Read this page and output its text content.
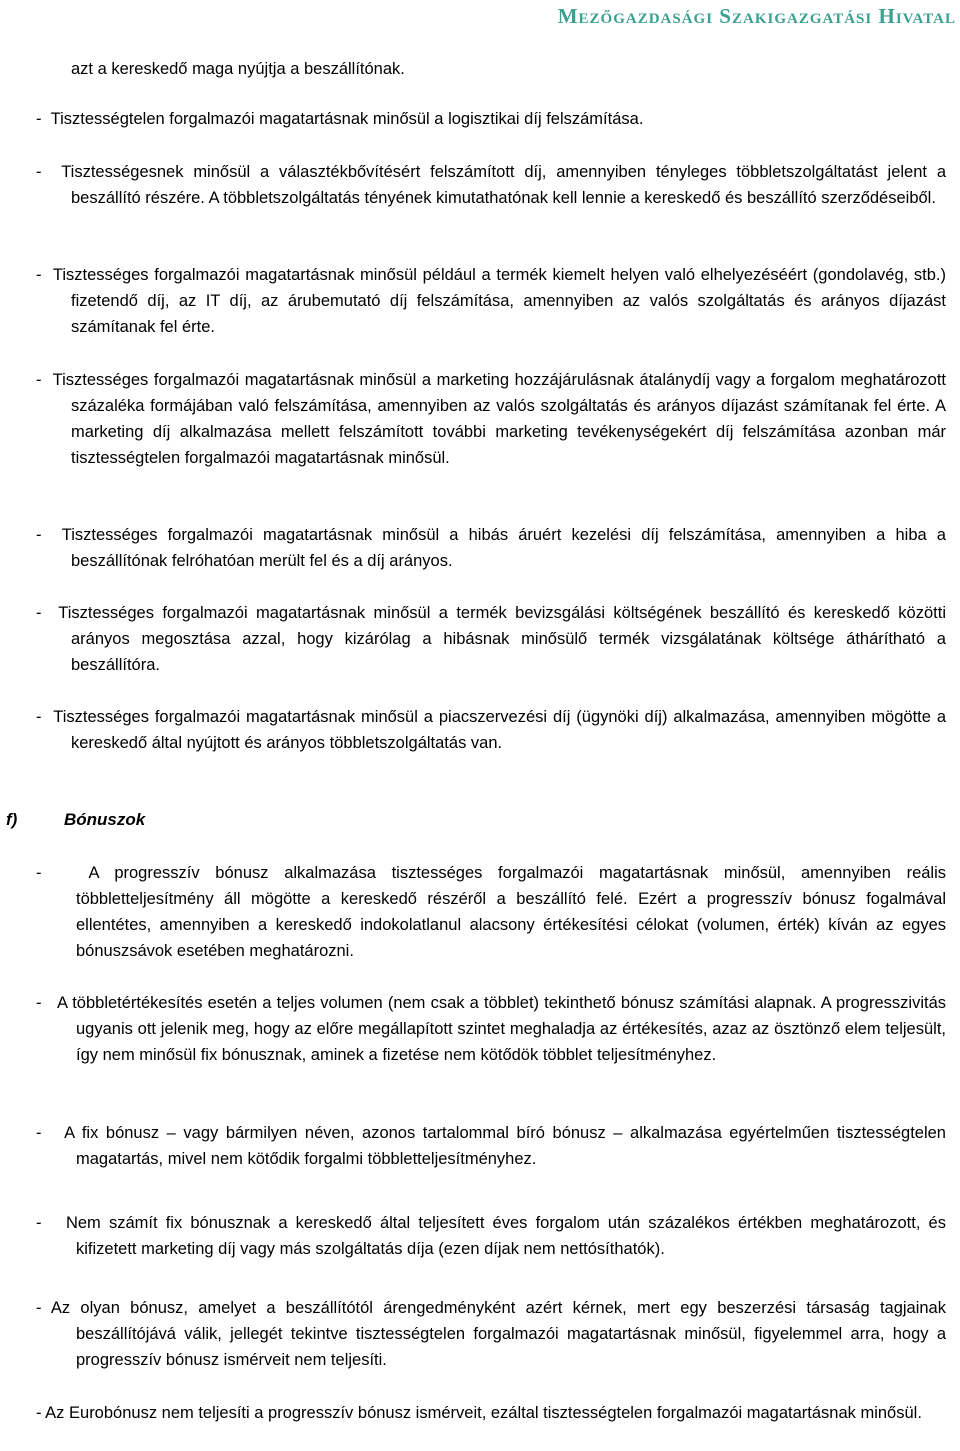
Mezőgazdasági Szakigazgatási Hivatal
azt a kereskedő maga nyújtja a beszállítónak.
-  Tisztességtelen forgalmazói magatartásnak minősül a logisztikai díj felszámítása.
-  Tisztességesnek minősül a választékbővítésért felszámított díj, amennyiben tényleges többletszolgáltatást jelent a beszállító részére. A többletszolgáltatás tényének kimutathatónak kell lennie a kereskedő és beszállító szerződéseiből.
-  Tisztességes forgalmazói magatartásnak minősül például a termék kiemelt helyen való elhelyezéséért (gondolavég, stb.) fizetendő díj, az IT díj, az árubemutató díj felszámítása, amennyiben az valós szolgáltatás és arányos díjazást számítanak fel érte.
-  Tisztességes forgalmazói magatartásnak minősül a marketing hozzájárulásnak átalánydíj vagy a forgalom meghatározott százaléka formájában való felszámítása, amennyiben az valós szolgáltatás és arányos díjazást számítanak fel érte. A marketing díj alkalmazása mellett felszámított további marketing tevékenységekért díj felszámítása azonban már tisztességtelen forgalmazói magatartásnak minősül.
-  Tisztességes forgalmazói magatartásnak minősül a hibás áruért kezelési díj felszámítása, amennyiben a hiba a beszállítónak felróhatóan merült fel és a díj arányos.
-  Tisztességes forgalmazói magatartásnak minősül a termék bevizsgálási költségének beszállító és kereskedő közötti arányos megosztása azzal, hogy kizárólag a hibásnak minősülő termék vizsgálatának költsége áthárítható a beszállítóra.
-  Tisztességes forgalmazói magatartásnak minősül a piacszervezési díj (ügynöki díj) alkalmazása, amennyiben mögötte a kereskedő által nyújtott és arányos többletszolgáltatás van.
f)	Bónuszok
-   A progresszív bónusz alkalmazása tisztességes forgalmazói magatartásnak minősül, amennyiben reális többletteljesítmény áll mögötte a kereskedő részéről a beszállító felé. Ezért a progresszív bónusz fogalmával ellentétes, amennyiben a kereskedő indokolatlanul alacsony értékesítési célokat (volumen, érték) kíván az egyes bónuszsávok esetében meghatározni.
-   A többletértékesítés esetén a teljes volumen (nem csak a többlet) tekinthető bónusz számítási alapnak. A progresszivitás ugyanis ott jelenik meg, hogy az előre megállapított szintet meghaladja az értékesítés, azaz az ösztönző elem teljesült, így nem minősül fix bónusznak, aminek a fizetése nem kötődök többlet teljesítményhez.
-   A fix bónusz – vagy bármilyen néven, azonos tartalommal bíró bónusz – alkalmazása egyértelműen tisztességtelen magatartás, mivel nem kötődik forgalmi többletteljesítményhez.
-   Nem számít fix bónusznak a kereskedő által teljesített éves forgalom után százalékos értékben meghatározott, és kifizetett marketing díj vagy más szolgáltatás díja (ezen díjak nem nettósíthatók).
- Az olyan bónusz, amelyet a beszállítótól árengedményként azért kérnek, mert egy beszerzési társaság tagjainak beszállítójává válik, jellegét tekintve tisztességtelen forgalmazói magatartásnak minősül, figyelemmel arra, hogy a progresszív bónusz ismérveit nem teljesíti.
- Az Eurobónusz nem teljesíti a progresszív bónusz ismérveit, ezáltal tisztességtelen forgalmazói magatartásnak minősül.
